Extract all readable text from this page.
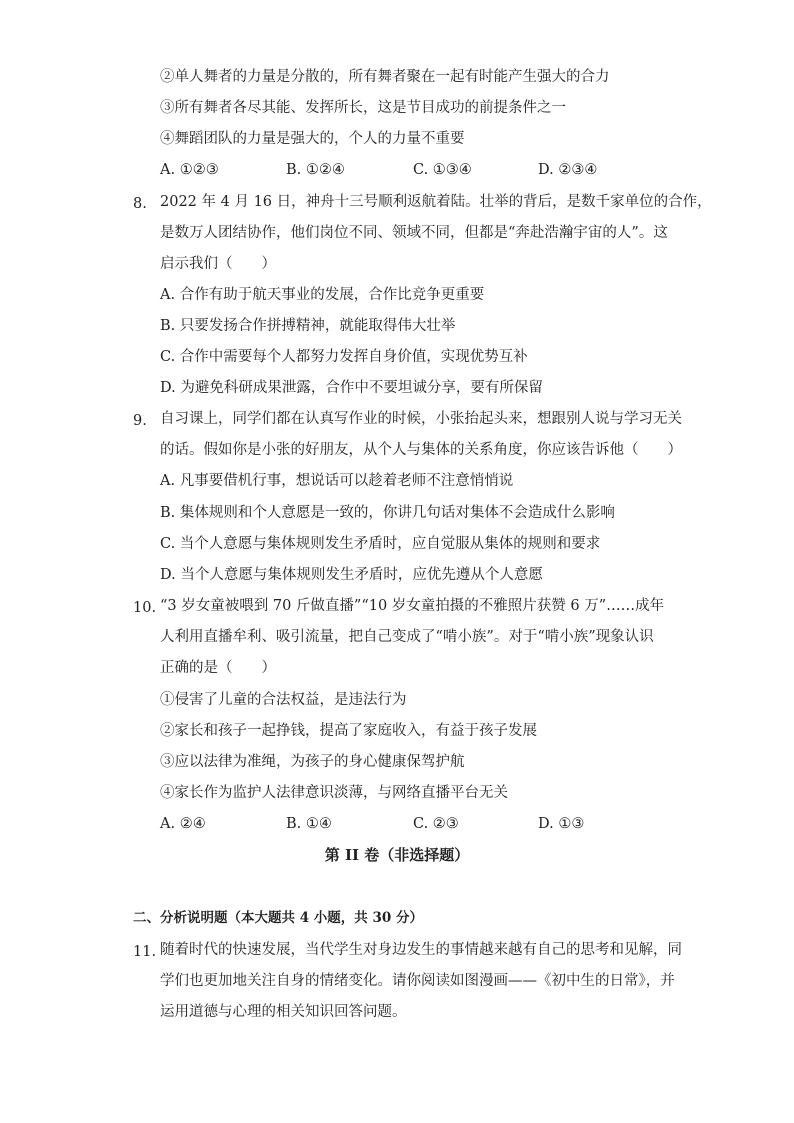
②单人舞者的力量是分散的，所有舞者聚在一起有时能产生强大的合力
③所有舞者各尽其能、发挥所长，这是节目成功的前提条件之一
④舞蹈团队的力量是强大的，个人的力量不重要
A. ①②③	B. ①②④	C. ①③④	D. ②③④
8. 2022 年 4 月 16 日，神舟十三号顺利返航着陆。壮举的背后，是数千家单位的合作，
是数万人团结协作，他们岗位不同、领域不同，但都是“奔赴浩瀚宇宙的人”。这
启示我们（　　）
A. 合作有助于航天事业的发展，合作比竞争更重要
B. 只要发扬合作拼搏精神，就能取得伟大壮举
C. 合作中需要每个人都努力发挥自身价值，实现优势互补
D. 为避免科研成果泄露，合作中不要坦诚分享，要有所保留
9. 自习课上，同学们都在认真写作业的时候，小张抬起头来，想跟别人说与学习无关
的话。假如你是小张的好朋友，从个人与集体的关系角度，你应该告诉他（　　）
A. 凡事要借机行事，想说话可以趁着老师不注意悄悄说
B. 集体规则和个人意愿是一致的，你讲几句话对集体不会造成什么影响
C. 当个人意愿与集体规则发生矛盾时，应自觉服从集体的规则和要求
D. 当个人意愿与集体规则发生矛盾时，应优先遵从个人意愿
10. “3 岁女童被喂到 70 斤做直播”“10 岁女童拍摄的不雅照片获赞 6 万”……成年
人利用直播牟利、吸引流量，把自己变成了“啃小族”。对于“啃小族”现象认识
正确的是（　　）
①侵害了儿童的合法权益，是违法行为
②家长和孩子一起挣钱，提高了家庭收入，有益于孩子发展
③应以法律为准绳，为孩子的身心健康保驾护航
④家长作为监护人法律意识淡薄，与网络直播平台无关
A. ②④	B. ①④	C. ②③	D. ①③
第 II 卷（非选择题）
二、分析说明题（本大题共 4 小题，共 30 分）
11. 随着时代的快速发展，当代学生对身边发生的事情越来越有自己的思考和见解，同
学们也更加地关注自身的情绪变化。请你阅读如图漫画——《初中生的日常》，并
运用道德与心理的相关知识回答问题。
